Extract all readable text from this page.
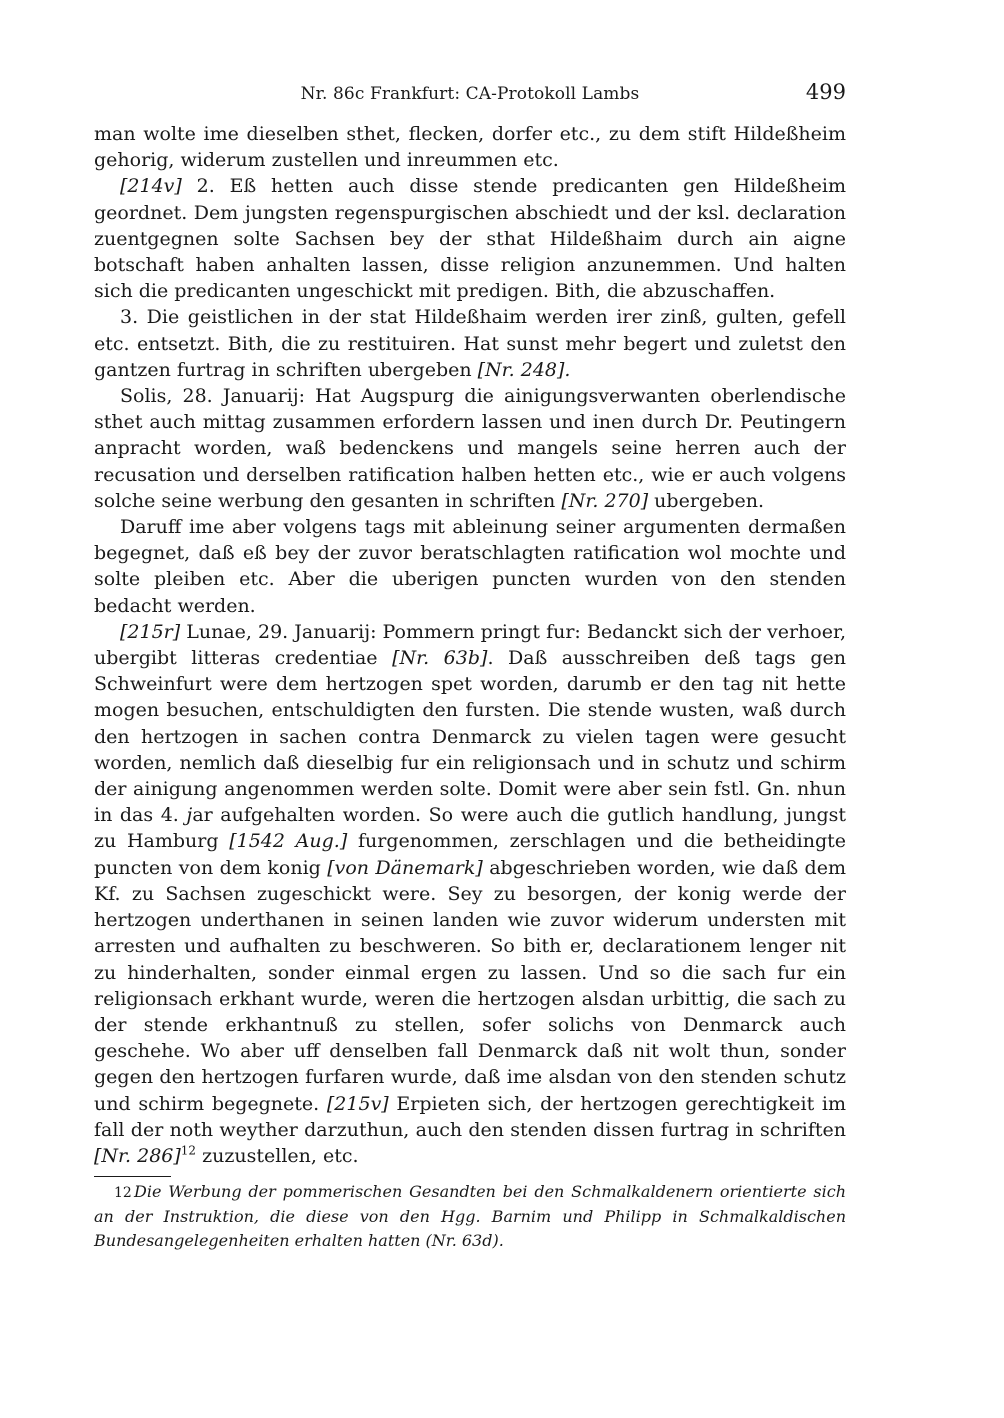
Nr. 86c Frankfurt: CA-Protokoll Lambs	499

man wolte ime dieselben sthet, flecken, dorfer etc., zu dem stift Hildeßheim gehorig, widerum zustellen und inreummen etc.

[214v] 2. Eß hetten auch disse stende predicanten gen Hildeßheim geordnet. Dem jungsten regenspurgischen abschiedt und der ksl. declaration zuentgegnen solte Sachsen bey der sthat Hildeßhaim durch ain aigne botschaft haben anhalten lassen, disse religion anzunemmen. Und halten sich die predicanten ungeschickt mit predigen. Bith, die abzuschaffen.

3. Die geistlichen in der stat Hildeßhaim werden irer zinß, gulten, gefell etc. entsetzt. Bith, die zu restituiren. Hat sunst mehr begert und zuletst den gantzen furtrag in schriften ubergeben [Nr. 248].

Solis, 28. Januarij: Hat Augspurg die ainigungsverwanten oberlendische sthet auch mittag zusammen erfordern lassen und inen durch Dr. Peutingern anpracht worden, waß bedenckens und mangels seine herren auch der recusation und derselben ratification halben hetten etc., wie er auch volgens solche seine werbung den gesanten in schriften [Nr. 270] ubergeben.

Daruff ime aber volgens tags mit ableinung seiner argumenten dermaßen begegnet, daß eß bey der zuvor beratschlagten ratification wol mochte und solte pleiben etc. Aber die uberigen puncten wurden von den stenden bedacht werden.

[215r] Lunae, 29. Januarij: Pommern pringt fur: Bedanckt sich der verhoer, ubergibt litteras credentiae [Nr. 63b]. Daß ausschreiben deß tags gen Schweinfurt were dem hertzogen spet worden, darumb er den tag nit hette mogen besuchen, entschuldigten den fursten. Die stende wusten, waß durch den hertzogen in sachen contra Denmarck zu vielen tagen were gesucht worden, nemlich daß dieselbig fur ein religionsach und in schutz und schirm der ainigung angenommen werden solte. Domit were aber sein fstl. Gn. nhun in das 4. jar aufgehalten worden. So were auch die gutlich handlung, jungst zu Hamburg [1542 Aug.] furgenommen, zerschlagen und die betheidingte puncten von dem konig [von Dänemark] abgeschrieben worden, wie daß dem Kf. zu Sachsen zugeschickt were. Sey zu besorgen, der konig werde der hertzogen underthanen in seinen landen wie zuvor widerum understen mit arresten und aufhalten zu beschweren. So bith er, declarationem lenger nit zu hinderhalten, sonder einmal ergen zu lassen. Und so die sach fur ein religionsach erkhant wurde, weren die hertzogen alsdan urbittig, die sach zu der stende erkhantnuß zu stellen, sofer solichs von Denmarck auch geschehe. Wo aber uff denselben fall Denmarck daß nit wolt thun, sonder gegen den hertzogen furfaren wurde, daß ime alsdan von den stenden schutz und schirm begegnete. [215v] Erpieten sich, der hertzogen gerechtigkeit im fall der noth weyther darzuthun, auch den stenden dissen furtrag in schriften [Nr. 286]$^{12}$ zuzustellen, etc.

12 Die Werbung der pommerischen Gesandten bei den Schmalkaldenern orientierte sich an der Instruktion, die diese von den Hgg. Barnim und Philipp in Schmalkaldischen Bundesangelegenheiten erhalten hatten (Nr. 63d).
